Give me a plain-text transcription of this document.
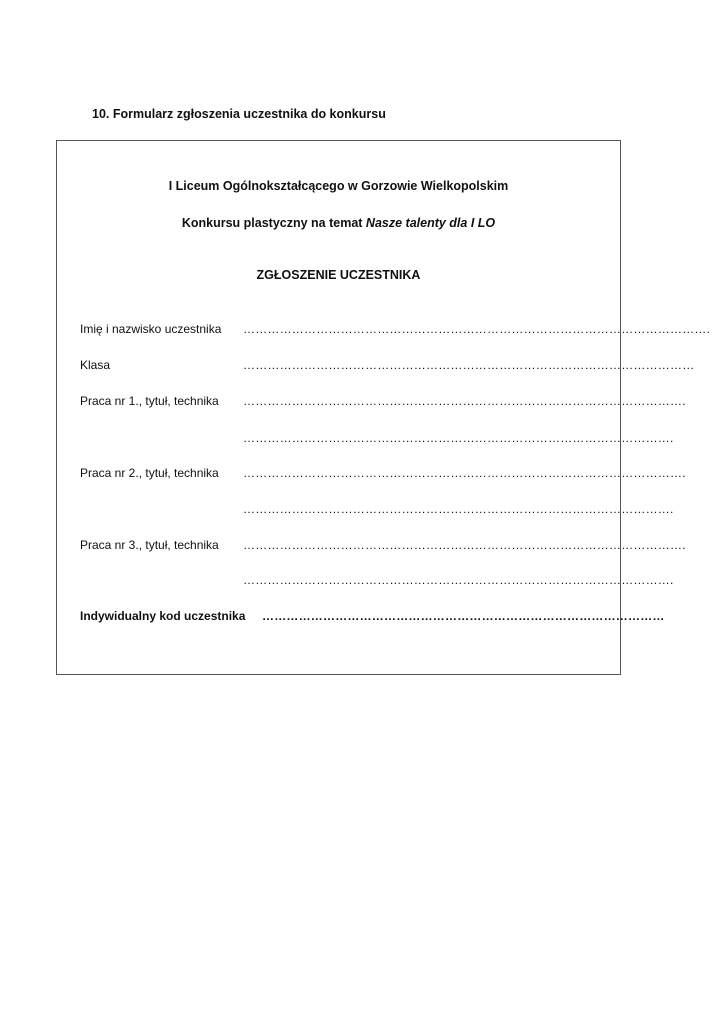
10. Formularz zgłoszenia uczestnika do konkursu
I Liceum Ogólnokształcącego w Gorzowie Wielkopolskim
Konkursu plastyczny na temat Nasze talenty dla I LO
ZGŁOSZENIE UCZESTNIKA
Imię i nazwisko uczestnika …………………………………………………………………………………………………….
Klasa	…………………………………………………………………………………………………
Praca nr 1., tytuł, technika ……………………………………………………………………………………………….
…………………………………………………………………………………………….
Praca nr 2., tytuł, technika ……………………………………………………………………………………………….
…………………………………………………………………………………………….
Praca nr 3., tytuł, technika ……………………………………………………………………………………………….
…………………………………………………………………………………………….
Indywidualny kod uczestnika ………………………………………………………………………………………
